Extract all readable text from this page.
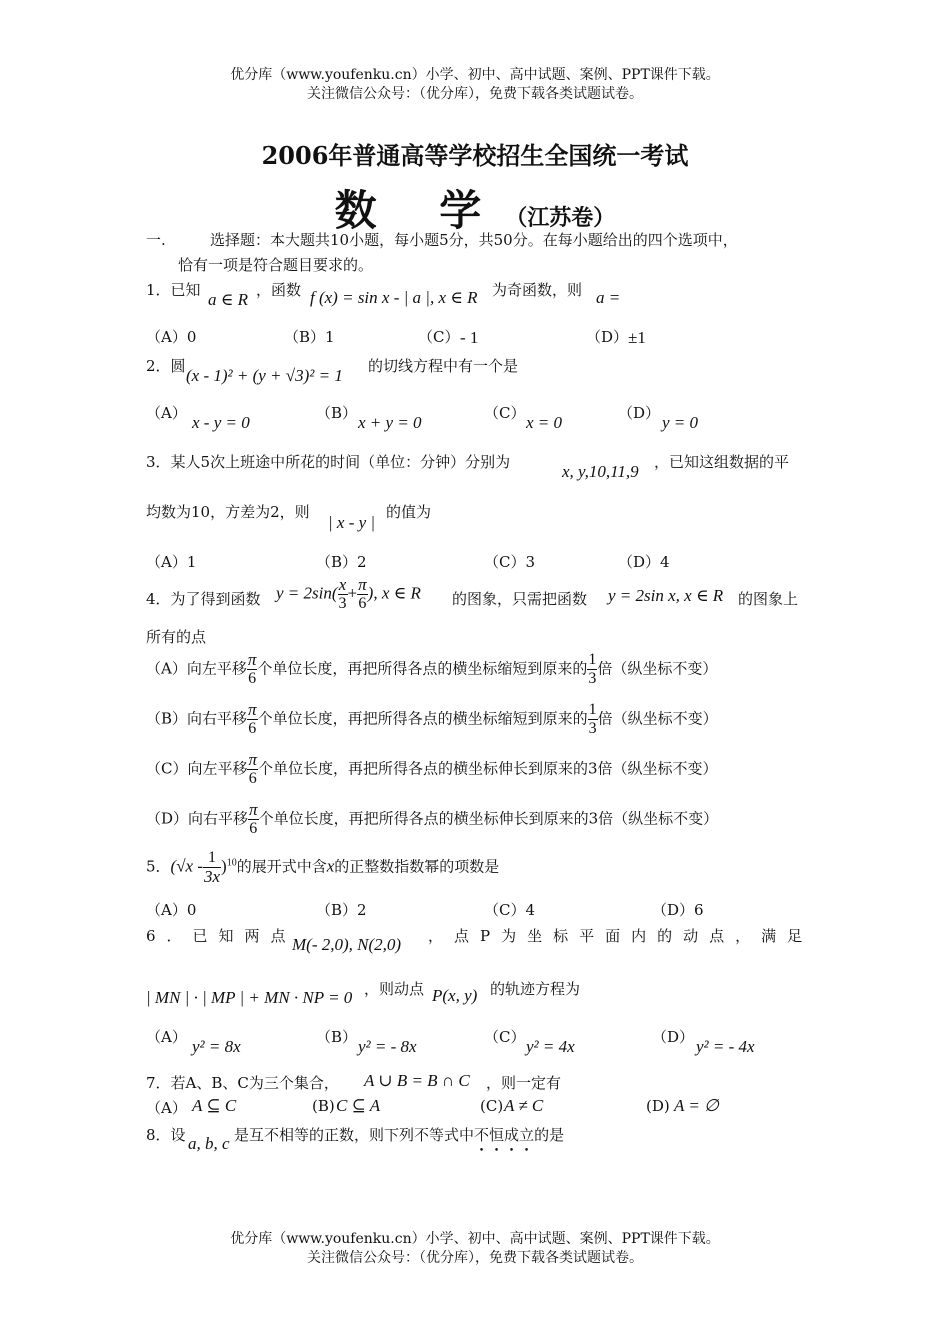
优分库（www.youfenku.cn）小学、初中、高中试题、案例、PPT课件下载。
关注微信公众号：（优分库），免费下载各类试题试卷。
2006年普通高等学校招生全国统一考试
数 学（江苏卷）
一.	选择题：本大题共10小题，每小题5分，共50分。在每小题给出的四个选项中，
恰有一项是符合题目要求的。
1．已知 a ∈ R ，函数 f (x) = sin x - | a |, x ∈ R 为奇函数，则 a =
（A）0	（B）1	（C） - 1	（D） ±1
2．圆 (x - 1)² + (y + √3)² = 1 的切线方程中有一个是
（A） x - y = 0	（B） x + y = 0	（C） x = 0	（D） y = 0
3．某人5次上班途中所花的时间（单位：分钟）分别为	x, y,10,11,9 ，已知这组数据的平
均数为10，方差为2，则
| x - y |
的值为
（A）1	（B）2	（C）3	（D）4
4．为了得到函数 $y = 2\sin( \frac{x}{3} + \frac{\pi}{6}$ ), x ∈ R 的图象，只需把函数 y = 2sin x, x ∈ R 的图象上
所有的点
（A）向左平移 $\frac{\pi}{6}$ 个单位长度，再把所得各点的横坐标缩短到原来的 $\frac{1}{3}$ 倍（纵坐标不变）
（B）向右平移 $\frac{\pi}{6}$ 个单位长度，再把所得各点的横坐标缩短到原来的 $\frac{1}{3}$ 倍（纵坐标不变）
（C）向左平移 $\frac{\pi}{6}$ 个单位长度，再把所得各点的横坐标伸长到原来的3倍（纵坐标不变）
（D）向右平移 $\frac{\pi}{6}$ 个单位长度，再把所得各点的横坐标伸长到原来的3倍（纵坐标不变）
5．$(√x - \frac{1}{3x} )^{10}$的展开式中含x的正整数指数幂的项数是
（A）0	（B）2	（C）4	（D）6
6．已知两点
M(- 2,0), N(2,0) ，点P为坐标平面内的动点，满足
| MN | · | MP | + MN · NP = 0 ，则动点 P(x, y) 的轨迹方程为
（A） y² = 8x	（B） y² = - 8x	（C） y² = 4x	（D） y² = - 4x
7．若A、B、C为三个集合， A ∪ B = B ∩ C ，则一定有
（A） A ⊆ C	(B) C ⊆ A	(C) A ≠ C	(D) A = ∅
8．设 a, b, c 是互不相等的正数，则下列不等式中不恒成立的是
优分库（www.youfenku.cn）小学、初中、高中试题、案例、PPT课件下载。
关注微信公众号：（优分库），免费下载各类试题试卷。
